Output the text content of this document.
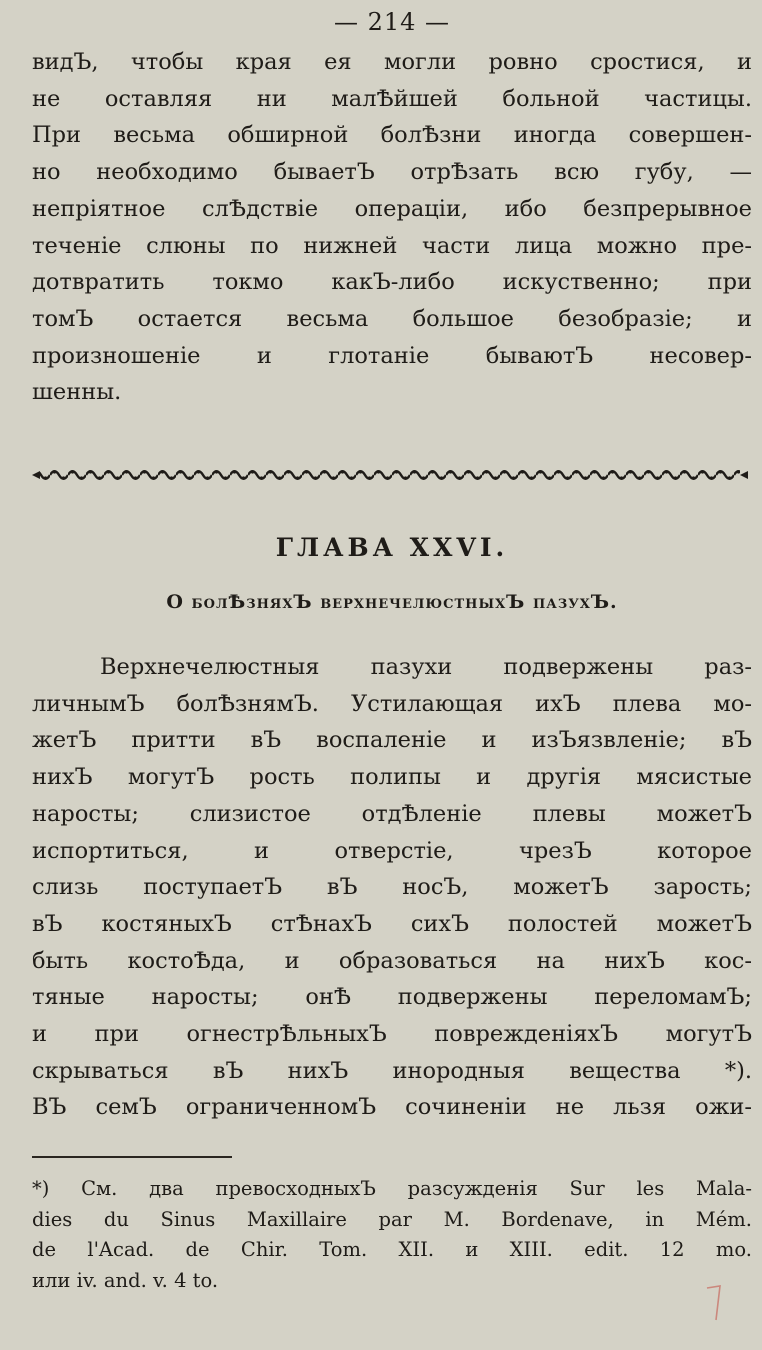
— 214 —
видЪ, чтобы края ея могли ровно сростися, и
не оставляя ни малѢйшей больной частицы.
При весьма обширной болѢзни иногда совершен-
но необходимо бываетЪ отрѢзать всю губу, —
непріятное слѢдствіе операціи, ибо безпрерывное
теченіе слюны по нижней части лица можно пре-
дотвратить токмо какЪ-либо искуственно; при
томЪ остается весьма большое безобразіе; и
произношеніе и глотаніе бываютЪ несовер-
шенны.
ГЛАВА XXVI.
О болѢзняхЪ верхнечелюстныхЪ пазухЪ.
Верхнечелюстныя пазухи подвержены раз-
личнымЪ болѢзнямЪ. Устилающая ихЪ плева мо-
жетЪ притти вЪ воспаленіе и изЪязвленіе; вЪ
нихЪ могутЪ рость полипы и другія мясистые
наросты; слизистое отдѢленіе плевы можетЪ
испортиться, и отверстіе, чрезЪ которое
слизь поступаетЪ вЪ носЪ, можетЪ зарость;
вЪ костяныхЪ стѢнахЪ сихЪ полостей можетЪ
быть костоѢда, и образоваться на нихЪ кос-
тяные наросты; онѢ подвержены переломамЪ;
и при огнестрѢльныхЪ поврежденіяхЪ могутЪ
скрываться вЪ нихЪ инородныя вещества *).
ВЪ семЪ ограниченномЪ сочиненіи не льзя ожи-
*) См. два превосходныхЪ разсужденія Sur les Mala-
dies du Sinus Maxillaire par M. Bordenave, in Mém.
de l'Acad. de Chir. Tom. XII. и XIII. edit. 12 mo.
или iv. and. v. 4 to.
